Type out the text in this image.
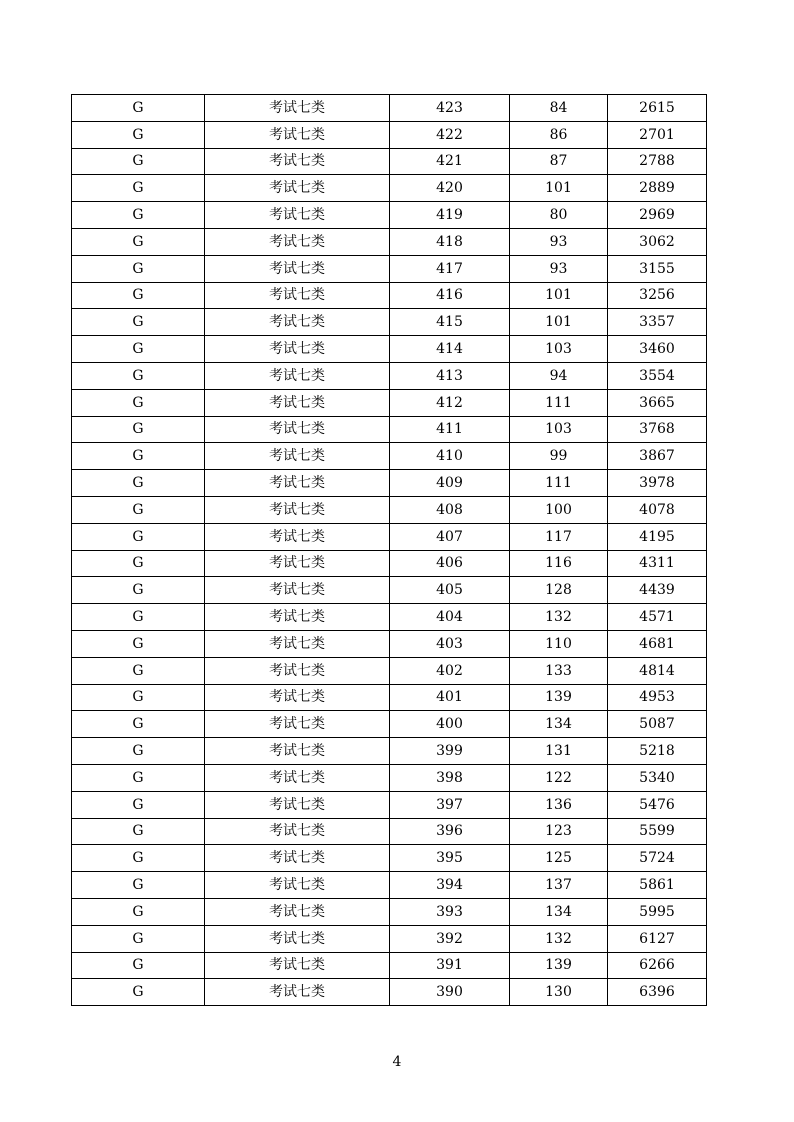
G	考试七类	423	84	2615
G	考试七类	422	86	2701
G	考试七类	421	87	2788
G	考试七类	420	101	2889
G	考试七类	419	80	2969
G	考试七类	418	93	3062
G	考试七类	417	93	3155
G	考试七类	416	101	3256
G	考试七类	415	101	3357
G	考试七类	414	103	3460
G	考试七类	413	94	3554
G	考试七类	412	111	3665
G	考试七类	411	103	3768
G	考试七类	410	99	3867
G	考试七类	409	111	3978
G	考试七类	408	100	4078
G	考试七类	407	117	4195
G	考试七类	406	116	4311
G	考试七类	405	128	4439
G	考试七类	404	132	4571
G	考试七类	403	110	4681
G	考试七类	402	133	4814
G	考试七类	401	139	4953
G	考试七类	400	134	5087
G	考试七类	399	131	5218
G	考试七类	398	122	5340
G	考试七类	397	136	5476
G	考试七类	396	123	5599
G	考试七类	395	125	5724
G	考试七类	394	137	5861
G	考试七类	393	134	5995
G	考试七类	392	132	6127
G	考试七类	391	139	6266
G	考试七类	390	130	6396
4
